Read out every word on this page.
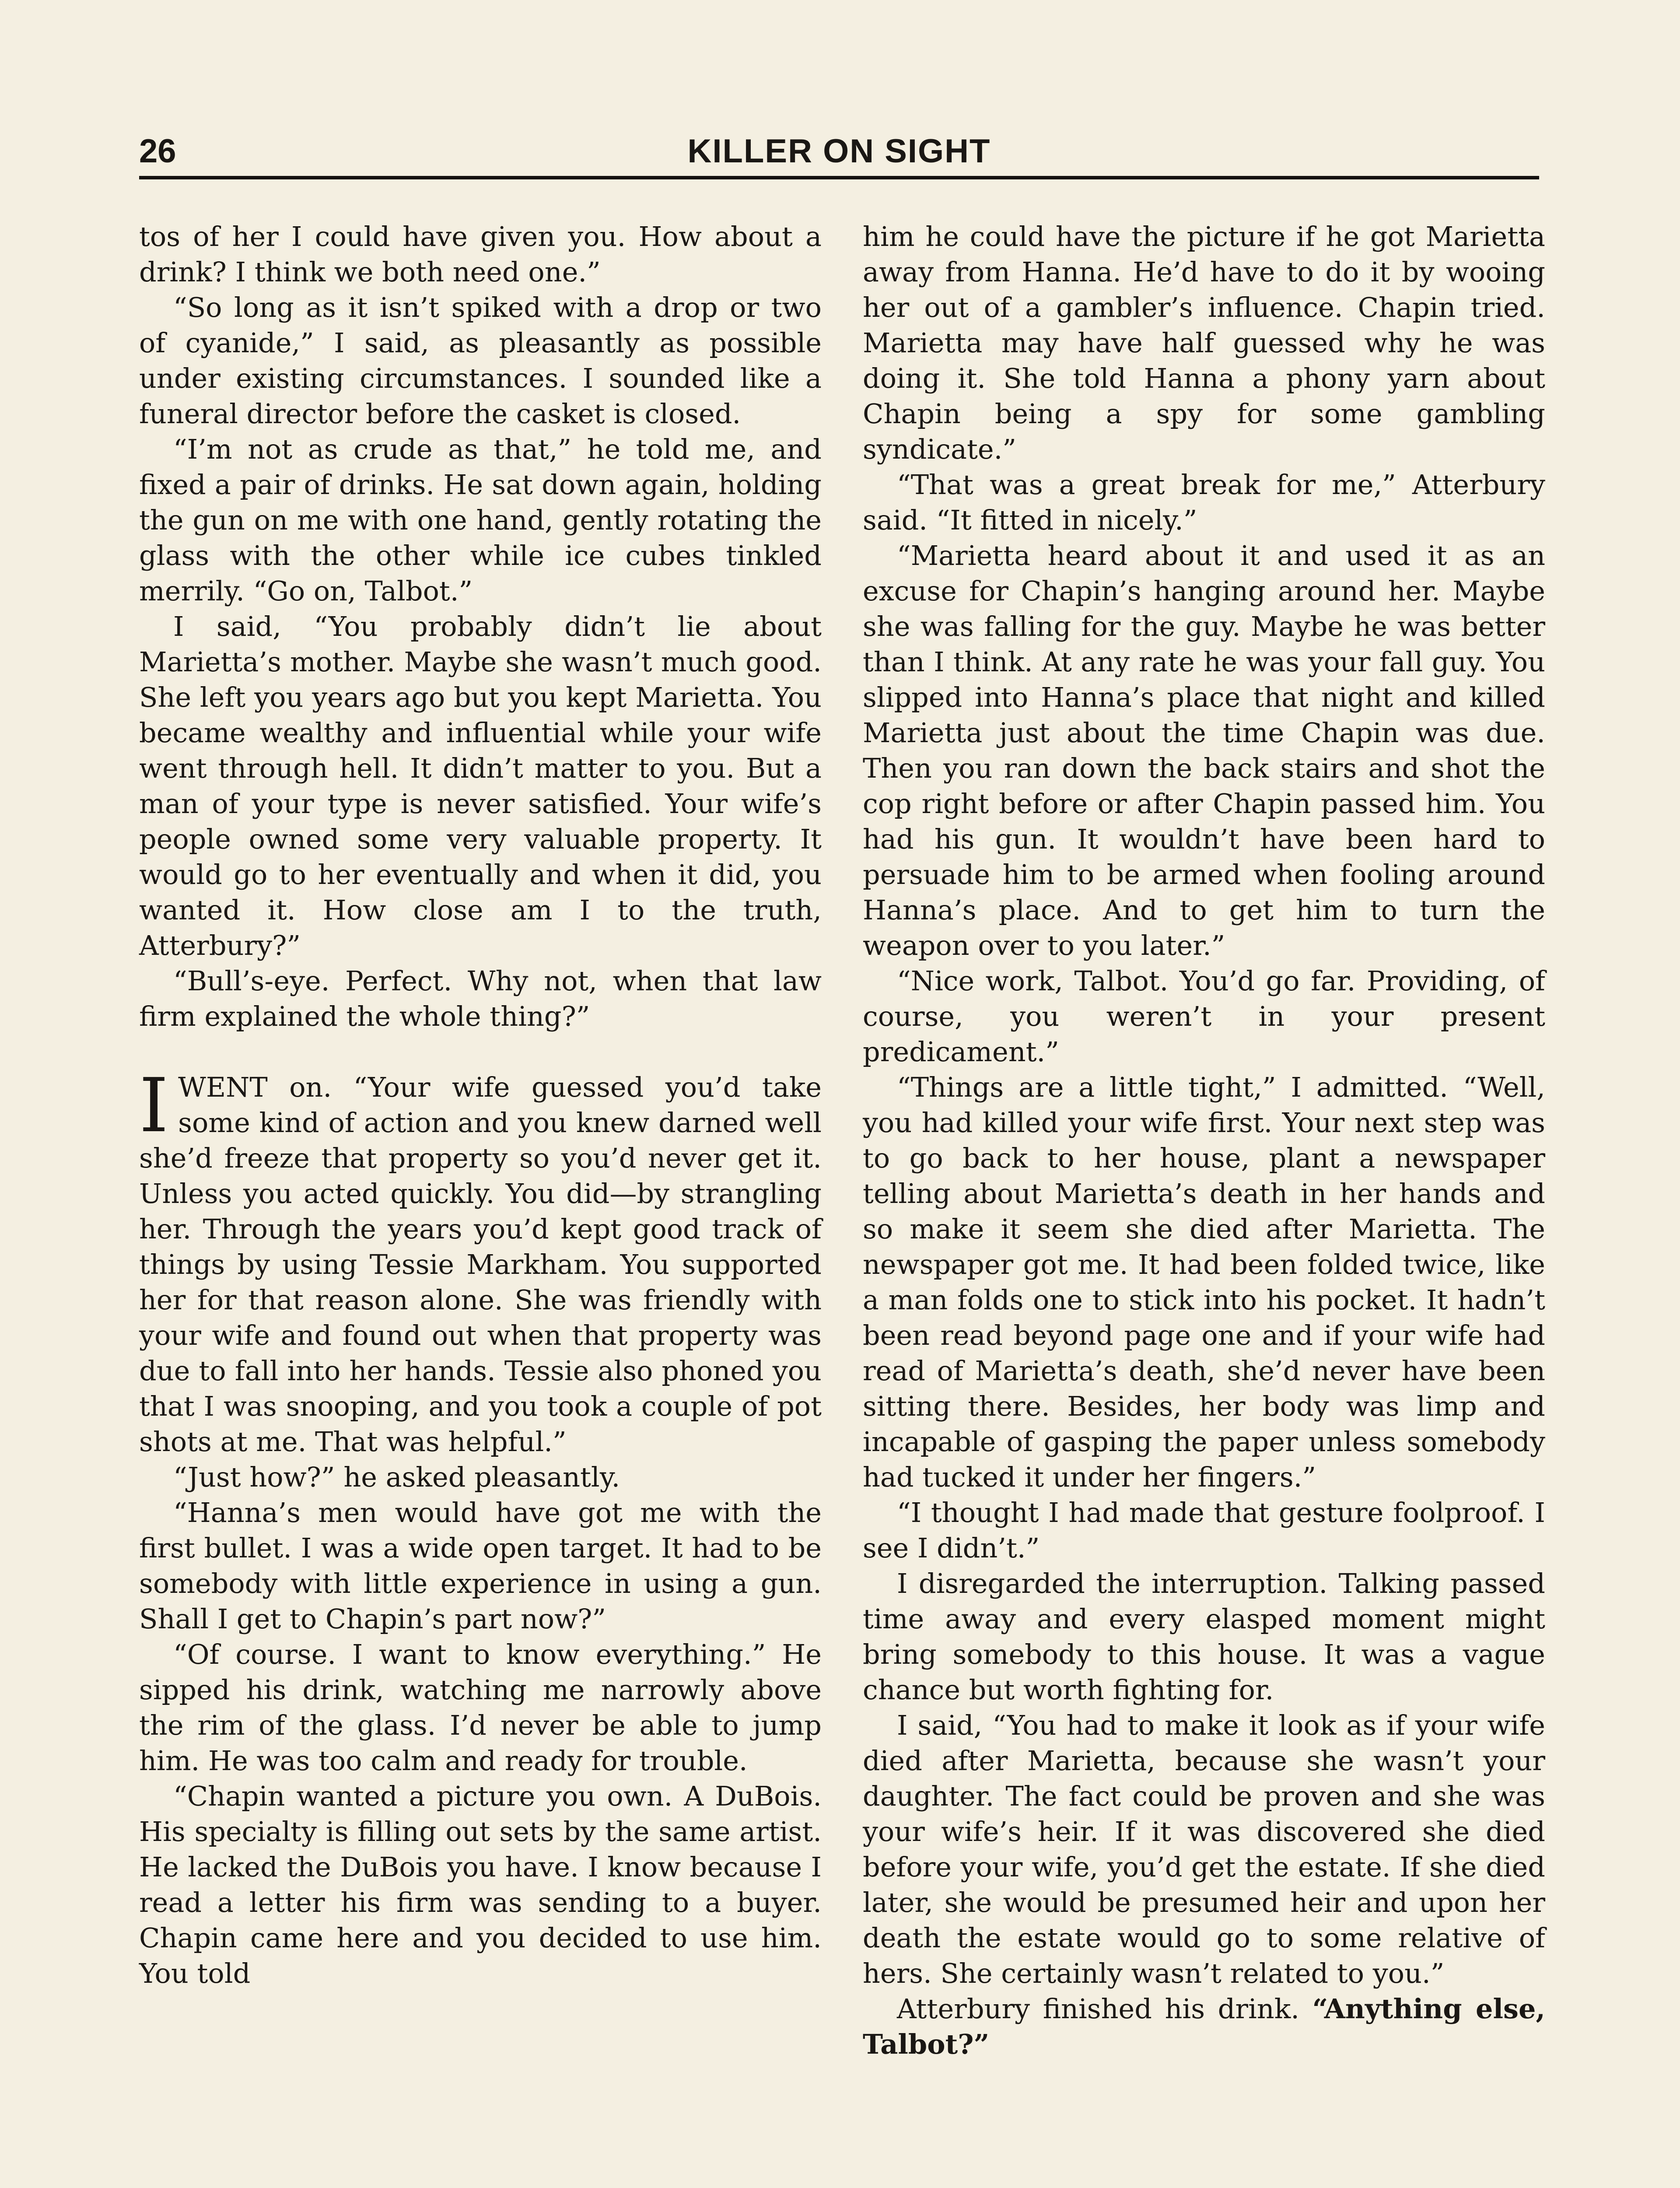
26	KILLER ON SIGHT

tos of her I could have given you. How about a drink? I think we both need one.”

“So long as it isn’t spiked with a drop or two of cyanide,” I said, as pleasantly as possible under existing circumstances. I sounded like a funeral director before the casket is closed.

“I’m not as crude as that,” he told me, and fixed a pair of drinks. He sat down again, holding the gun on me with one hand, gently rotating the glass with the other while ice cubes tinkled merrily. “Go on, Talbot.”

I said, “You probably didn’t lie about Marietta’s mother. Maybe she wasn’t much good. She left you years ago but you kept Marietta. You became wealthy and influential while your wife went through hell. It didn’t matter to you. But a man of your type is never satisfied. Your wife’s people owned some very valuable property. It would go to her eventually and when it did, you wanted it. How close am I to the truth, Atterbury?”

“Bull’s-eye. Perfect. Why not, when that law firm explained the whole thing?”

IWENT on. “Your wife guessed you’d take some kind of action and you knew darned well she’d freeze that property so you’d never get it. Unless you acted quickly. You did—by strangling her. Through the years you’d kept good track of things by using Tessie Markham. You supported her for that reason alone. She was friendly with your wife and found out when that property was due to fall into her hands. Tessie also phoned you that I was snooping, and you took a couple of pot shots at me. That was helpful.”

“Just how?” he asked pleasantly.

“Hanna’s men would have got me with the first bullet. I was a wide open target. It had to be somebody with little experience in using a gun. Shall I get to Chapin’s part now?”

“Of course. I want to know everything.” He sipped his drink, watching me narrowly above the rim of the glass. I’d never be able to jump him. He was too calm and ready for trouble.

“Chapin wanted a picture you own. A DuBois. His specialty is filling out sets by the same artist. He lacked the DuBois you have. I know because I read a letter his firm was sending to a buyer. Chapin came here and you decided to use him. You told

him he could have the picture if he got Marietta away from Hanna. He’d have to do it by wooing her out of a gambler’s influence. Chapin tried. Marietta may have half guessed why he was doing it. She told Hanna a phony yarn about Chapin being a spy for some gambling syndicate.”

“That was a great break for me,” Atterbury said. “It fitted in nicely.”

“Marietta heard about it and used it as an excuse for Chapin’s hanging around her. Maybe she was falling for the guy. Maybe he was better than I think. At any rate he was your fall guy. You slipped into Hanna’s place that night and killed Marietta just about the time Chapin was due. Then you ran down the back stairs and shot the cop right before or after Chapin passed him. You had his gun. It wouldn’t have been hard to persuade him to be armed when fooling around Hanna’s place. And to get him to turn the weapon over to you later.”

“Nice work, Talbot. You’d go far. Providing, of course, you weren’t in your present predicament.”

“Things are a little tight,” I admitted. “Well, you had killed your wife first. Your next step was to go back to her house, plant a newspaper telling about Marietta’s death in her hands and so make it seem she died after Marietta. The newspaper got me. It had been folded twice, like a man folds one to stick into his pocket. It hadn’t been read beyond page one and if your wife had read of Marietta’s death, she’d never have been sitting there. Besides, her body was limp and incapable of gasping the paper unless somebody had tucked it under her fingers.”

“I thought I had made that gesture foolproof. I see I didn’t.”

I disregarded the interruption. Talking passed time away and every elasped moment might bring somebody to this house. It was a vague chance but worth fighting for.

I said, “You had to make it look as if your wife died after Marietta, because she wasn’t your daughter. The fact could be proven and she was your wife’s heir. If it was discovered she died before your wife, you’d get the estate. If she died later, she would be presumed heir and upon her death the estate would go to some relative of hers. She certainly wasn’t related to you.”

Atterbury finished his drink. “Anything else, Talbot?”
